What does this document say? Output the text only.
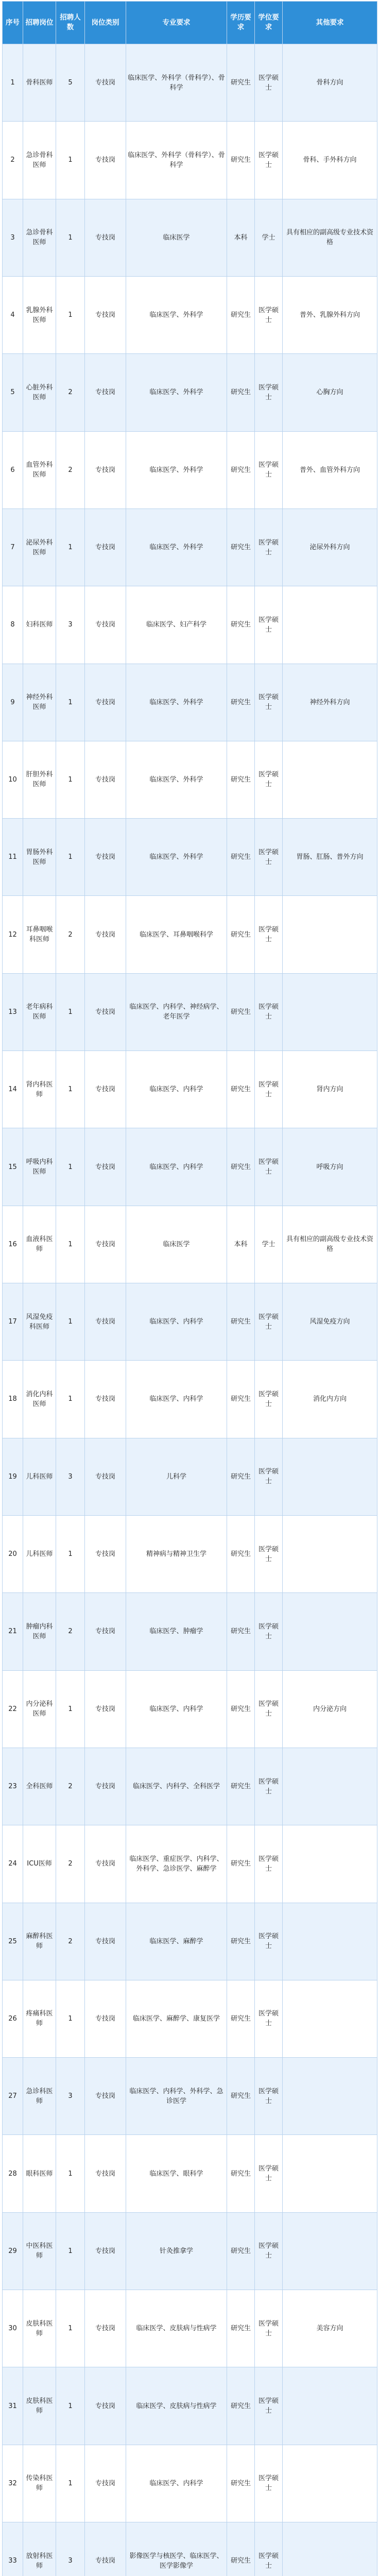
序号	招聘岗位	招聘人数	岗位类别	专业要求	学历要求	学位要求	其他要求
1	骨科医师	5	专技岗	临床医学、外科学（骨科学）、骨科学	研究生	医学硕士	骨科方向
2	急诊骨科医师	1	专技岗	临床医学、外科学（骨科学）、骨科学	研究生	医学硕士	骨科、手外科方向
3	急诊骨科医师	1	专技岗	临床医学	本科	学士	具有相应的副高级专业技术资格
4	乳腺外科医师	1	专技岗	临床医学、外科学	研究生	医学硕士	普外、乳腺外科方向
5	心脏外科医师	2	专技岗	临床医学、外科学	研究生	医学硕士	心胸方向
6	血管外科医师	2	专技岗	临床医学、外科学	研究生	医学硕士	普外、血管外科方向
7	泌尿外科医师	1	专技岗	临床医学、外科学	研究生	医学硕士	泌尿外科方向
8	妇科医师	3	专技岗	临床医学、妇产科学	研究生	医学硕士	
9	神经外科医师	1	专技岗	临床医学、外科学	研究生	医学硕士	神经外科方向
10	肝胆外科医师	1	专技岗	临床医学、外科学	研究生	医学硕士	
11	胃肠外科医师	1	专技岗	临床医学、外科学	研究生	医学硕士	胃肠、肛肠、普外方向
12	耳鼻咽喉科医师	2	专技岗	临床医学、耳鼻咽喉科学	研究生	医学硕士	
13	老年病科医师	1	专技岗	临床医学、内科学、神经病学、老年医学	研究生	医学硕士	
14	肾内科医师	1	专技岗	临床医学、内科学	研究生	医学硕士	肾内方向
15	呼吸内科医师	1	专技岗	临床医学、内科学	研究生	医学硕士	呼吸方向
16	血液科医师	1	专技岗	临床医学	本科	学士	具有相应的副高级专业技术资格
17	风湿免疫科医师	1	专技岗	临床医学、内科学	研究生	医学硕士	风湿免疫方向
18	消化内科医师	1	专技岗	临床医学、内科学	研究生	医学硕士	消化内方向
19	儿科医师	3	专技岗	儿科学	研究生	医学硕士	
20	儿科医师	1	专技岗	精神病与精神卫生学	研究生	医学硕士	
21	肿瘤内科医师	2	专技岗	临床医学、肿瘤学	研究生	医学硕士	
22	内分泌科医师	1	专技岗	临床医学、内科学	研究生	医学硕士	内分泌方向
23	全科医师	2	专技岗	临床医学、内科学、全科医学	研究生	医学硕士	
24	ICU医师	2	专技岗	临床医学、重症医学、内科学、外科学、急诊医学、麻醉学	研究生	医学硕士	
25	麻醉科医师	2	专技岗	临床医学、麻醉学	研究生	医学硕士	
26	疼痛科医师	1	专技岗	临床医学、麻醉学、康复医学	研究生	医学硕士	
27	急诊科医师	3	专技岗	临床医学、内科学、外科学、急诊医学	研究生	医学硕士	
28	眼科医师	1	专技岗	临床医学、眼科学	研究生	医学硕士	
29	中医科医师	1	专技岗	针灸推拿学	研究生	医学硕士	
30	皮肤科医师	1	专技岗	临床医学、皮肤病与性病学	研究生	医学硕士	美容方向
31	皮肤科医师	1	专技岗	临床医学、皮肤病与性病学	研究生	医学硕士	
32	传染科医师	1	专技岗	临床医学、内科学	研究生	医学硕士	
33	放射科医师	3	专技岗	影像医学与核医学、临床医学、医学影像学	研究生	医学硕士	
